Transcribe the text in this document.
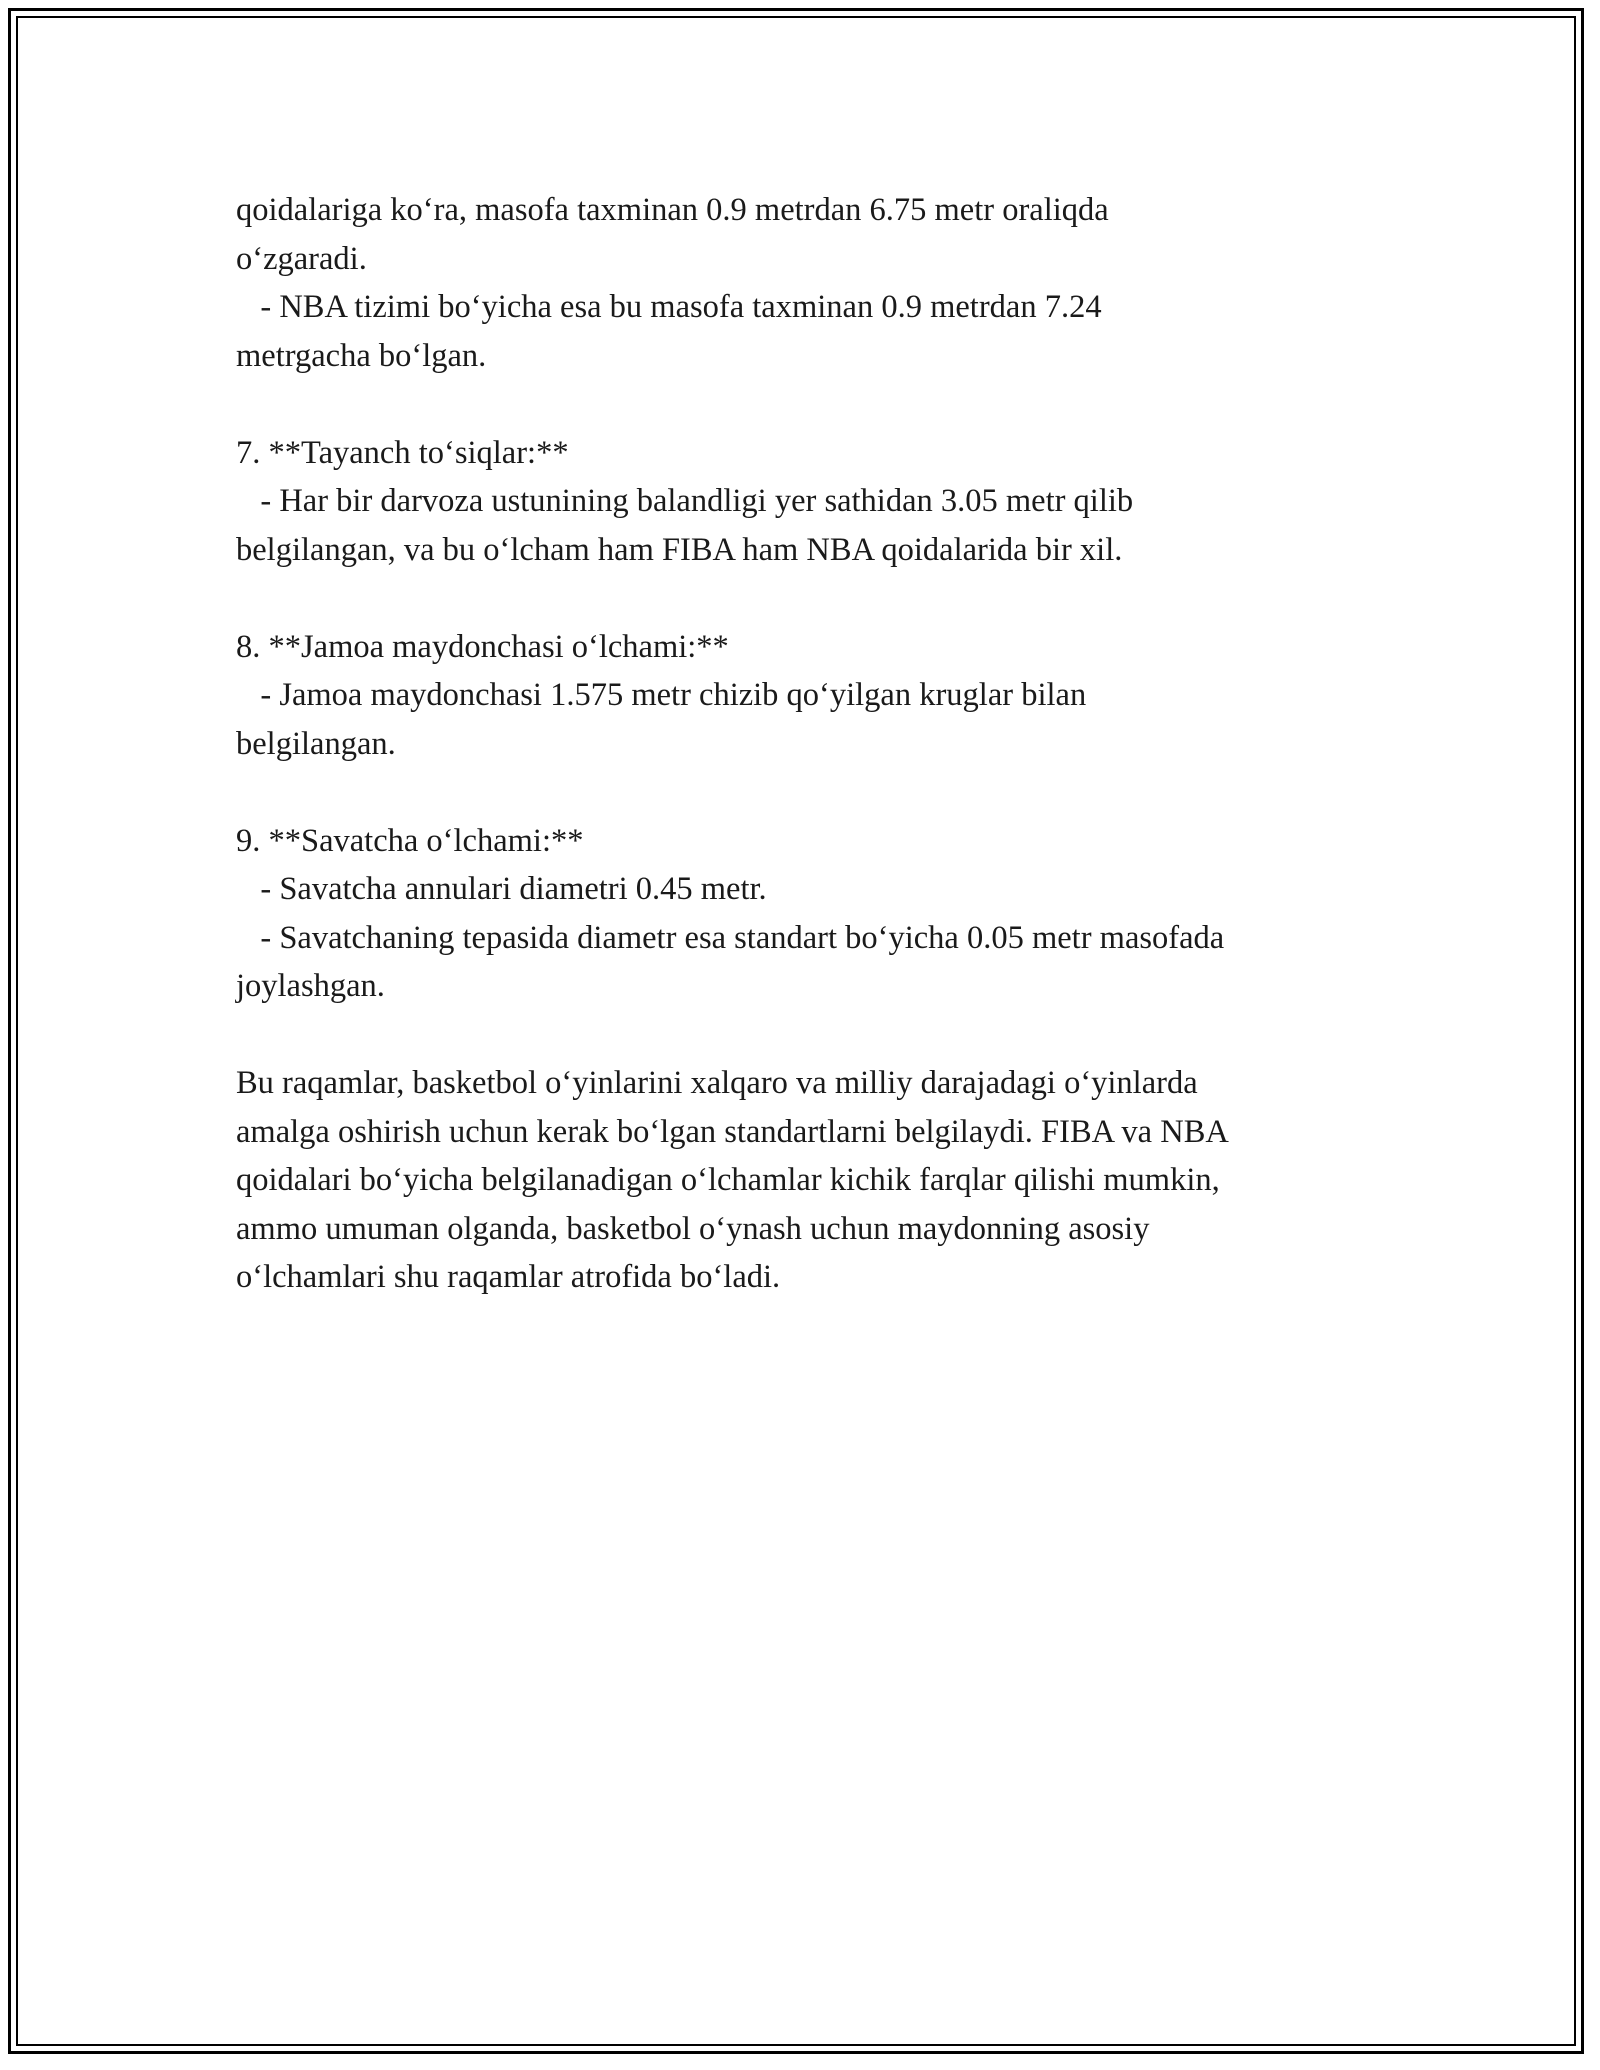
qoidalariga ko‘ra, masofa taxminan 0.9 metrdan 6.75 metr oraliqda
o‘zgaradi.
- NBA tizimi bo‘yicha esa bu masofa taxminan 0.9 metrdan 7.24
metrgacha bo‘lgan.
7. **Tayanch to‘siqlar:**
- Har bir darvoza ustunining balandligi yer sathidan 3.05 metr qilib
belgilangan, va bu o‘lcham ham FIBA ham NBA qoidalarida bir xil.
8. **Jamoa maydonchasi o‘lchami:**
- Jamoa maydonchasi 1.575 metr chizib qo‘yilgan kruglar bilan
belgilangan.
9. **Savatcha o‘lchami:**
- Savatcha annulari diametri 0.45 metr.
- Savatchaning tepasida diametr esa standart bo‘yicha 0.05 metr masofada
joylashgan.
Bu raqamlar, basketbol o‘yinlarini xalqaro va milliy darajadagi o‘yinlarda
amalga oshirish uchun kerak bo‘lgan standartlarni belgilaydi. FIBA va NBA
qoidalari bo‘yicha belgilanadigan o‘lchamlar kichik farqlar qilishi mumkin,
ammo umuman olganda, basketbol o‘ynash uchun maydonning asosiy
o‘lchamlari shu raqamlar atrofida bo‘ladi.
